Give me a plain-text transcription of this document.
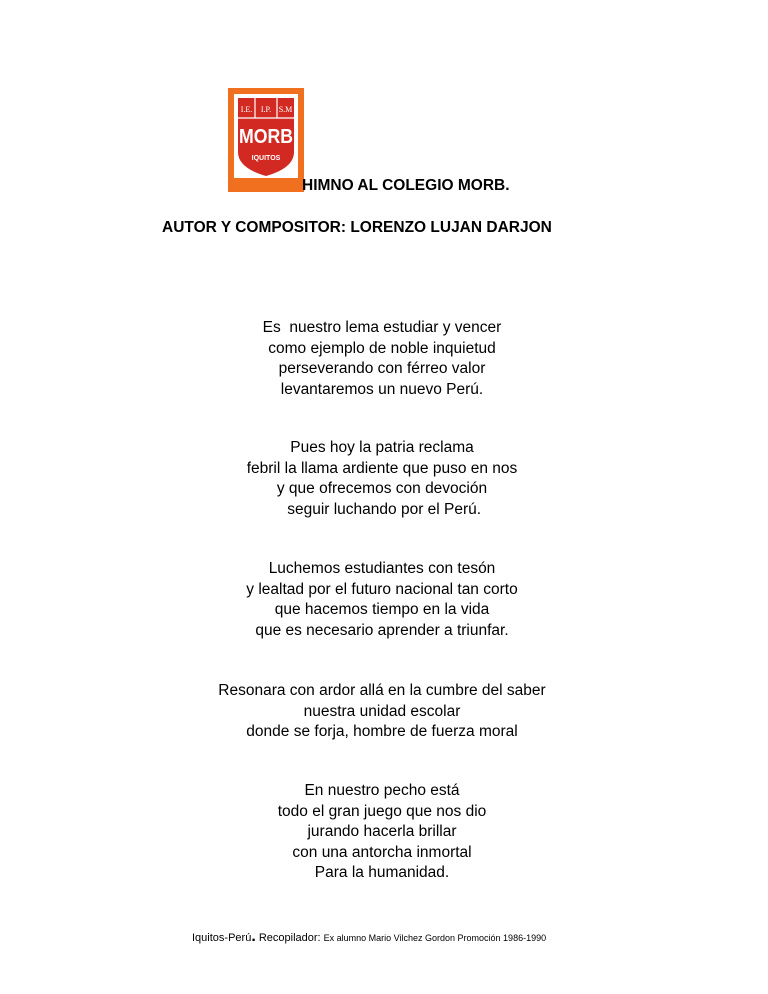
I.E. I.P. S.M
MORB
IQUITOS
HIMNO AL COLEGIO MORB.
AUTOR Y COMPOSITOR: LORENZO LUJAN DARJON
Es  nuestro lema estudiar y vencer
como ejemplo de noble inquietud
perseverando con férreo valor
levantaremos un nuevo Perú.
Pues hoy la patria reclama
febril la llama ardiente que puso en nos
y que ofrecemos con devoción
seguir luchando por el Perú.
Luchemos estudiantes con tesón
y lealtad por el futuro nacional tan corto
que hacemos tiempo en la vida
que es necesario aprender a triunfar.
Resonara con ardor allá en la cumbre del saber
nuestra unidad escolar
donde se forja, hombre de fuerza moral
En nuestro pecho está
todo el gran juego que nos dio
jurando hacerla brillar
con una antorcha inmortal
Para la humanidad.
Iquitos-Perú. Recopilador: Ex alumno Mario Vilchez Gordon Promoción 1986-1990
